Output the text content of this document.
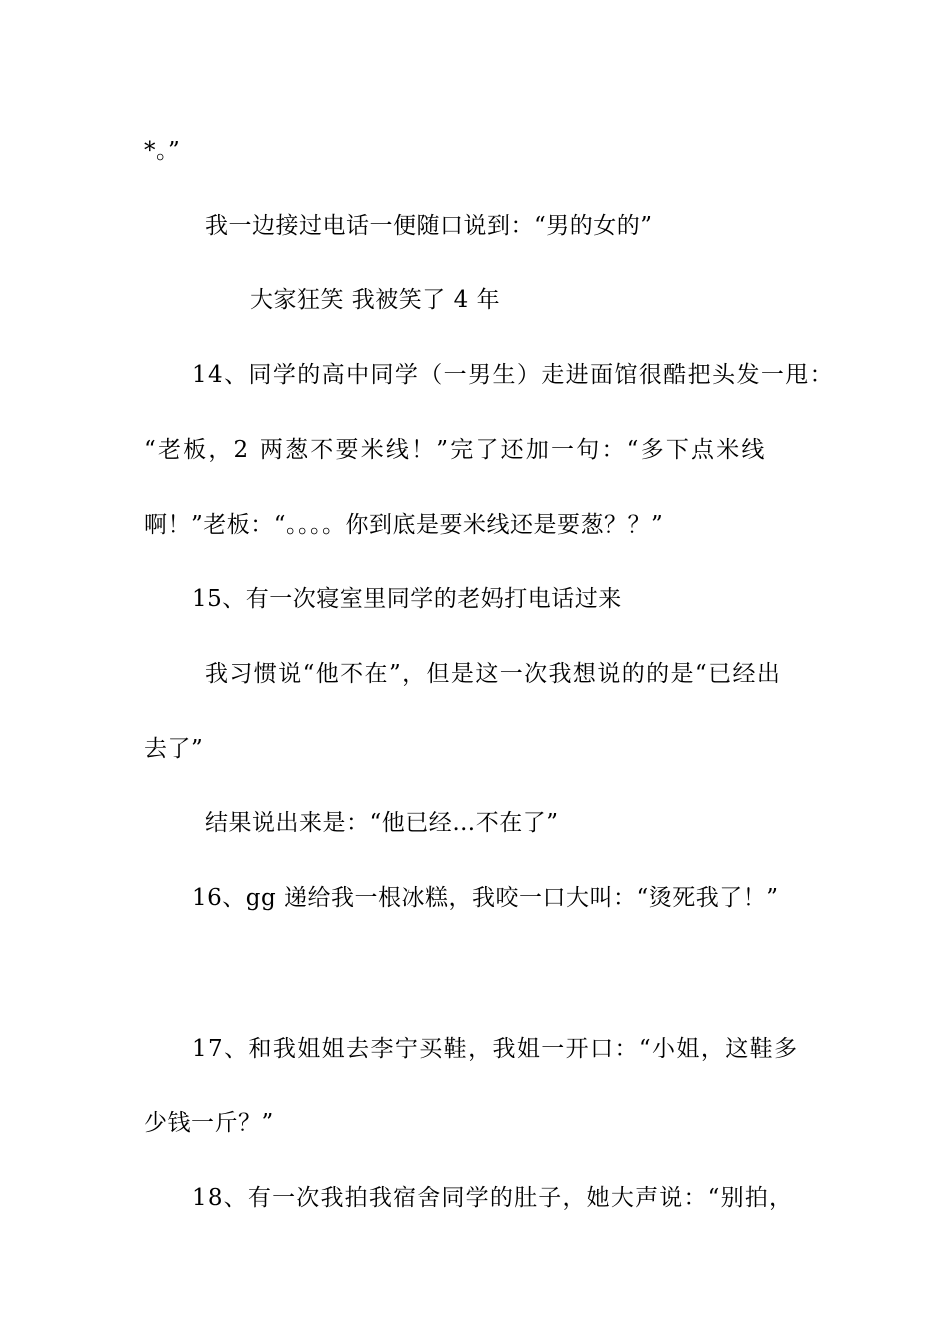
*。”
我一边接过电话一便随口说到：“男的女的”
大家狂笑 我被笑了 4 年
14、同学的高中同学（一男生）走进面馆很酷把头发一甩：
“老板，2 两葱不要米线！”完了还加一句：“多下点米线
啊！”老板：“。。。。你到底是要米线还是要葱？？”
15、有一次寝室里同学的老妈打电话过来
我习惯说“他不在”，但是这一次我想说的的是“已经出
去了”
结果说出来是：“他已经…不在了”
16、gg 递给我一根冰糕，我咬一口大叫：“烫死我了！”
17、和我姐姐去李宁买鞋，我姐一开口：“小姐，这鞋多
少钱一斤？”
18、有一次我拍我宿舍同学的肚子，她大声说：“别拍，
